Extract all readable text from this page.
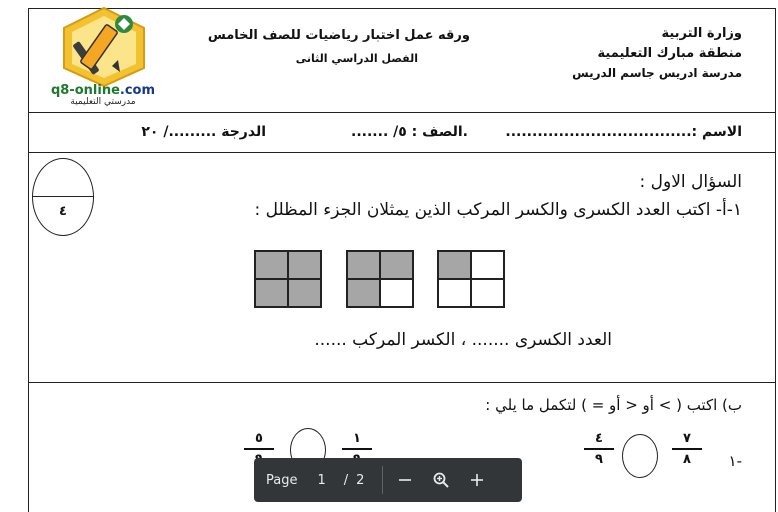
وزارة التربية
منطقة مبارك التعليمية
مدرسة ادريس جاسم الدريس
ورقه عمل اختبار رياضيات للصف الخامس
الفصل الدراسي الثانى
q8-online.com
مدرستي التعليمية
الاسم :...................................
.الصف : ٥/ .......
الدرجة ........./ ٢٠
٤
السؤال الاول :
١-أ- اكتب العدد الكسرى والكسر المركب الذين يمثلان الجزء المظلل :
العدد الكسرى ....... ، الكسر المركب ......
ب) اكتب ( > أو < أو = ) لتكمل ما يلي :
-١
٧
٨
٤
٩
١
٥
Page 1 / 2
